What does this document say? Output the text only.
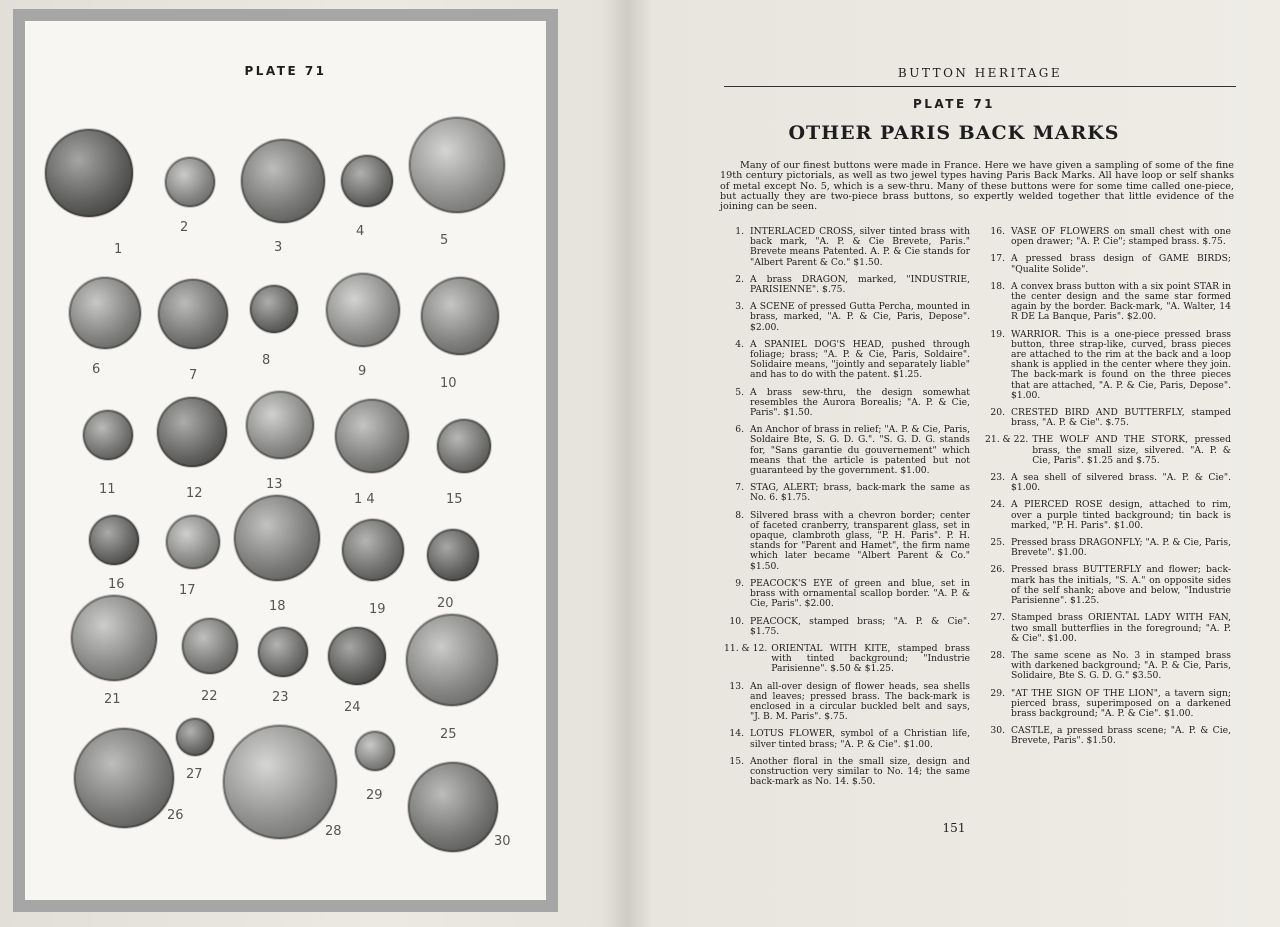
PLATE 71
1
2
3
4
5
6	7
8
9
10
11	12
13
1 4	15
16	17
18	19	20
21	22	23
24
25
26
27
28
29
30
BUTTON HERITAGE
PLATE 71
OTHER PARIS BACK MARKS
Many of our finest buttons were made in France. Here we have given a sampling of some of the fine 19th century pictorials, as well as two jewel types having Paris Back Marks. All have loop or self shanks of metal except No. 5, which is a sew-thru. Many of these buttons were for some time called one-piece, but actually they are two-piece brass buttons, so expertly welded together that little evidence of the joining can be seen.
1. INTERLACED CROSS, silver tinted brass with back mark, "A. P. & Cie Brevete, Paris." Brevete means Patented. A. P. & Cie stands for "Albert Parent & Co." $1.50.
2. A brass DRAGON, marked, "INDUSTRIE, PARISIENNE". $.75.
3. A SCENE of pressed Gutta Percha, mounted in brass, marked, "A. P. & Cie, Paris, Depose". $2.00.
4. A SPANIEL DOG'S HEAD, pushed through foliage; brass; "A. P. & Cie, Paris, Soldaire". Solidaire means, "jointly and separately liable" and has to do with the patent. $1.25.
5. A brass sew-thru, the design somewhat resembles the Aurora Borealis; "A. P. & Cie, Paris". $1.50.
6. An Anchor of brass in relief; "A. P. & Cie, Paris, Soldaire Bte, S. G. D. G.". "S. G. D. G. stands for, "Sans garantie du gouvernement" which means that the article is patented but not guaranteed by the government. $1.00.
7. STAG, ALERT; brass, back-mark the same as No. 6. $1.75.
8. Silvered brass with a chevron border; center of faceted cranberry, transparent glass, set in opaque, clambroth glass, "P. H. Paris". P. H. stands for "Parent and Hamet", the firm name which later became "Albert Parent & Co." $1.50.
9. PEACOCK'S EYE of green and blue, set in brass with ornamental scallop border. "A. P. & Cie, Paris". $2.00.
10. PEACOCK, stamped brass; "A. P. & Cie". $1.75.
11. & 12. ORIENTAL WITH KITE, stamped brass with tinted background; "Industrie Parisienne". $.50 & $1.25.
13. An all-over design of flower heads, sea shells and leaves; pressed brass. The back-mark is enclosed in a circular buckled belt and says, "J. B. M. Paris". $.75.
14. LOTUS FLOWER, symbol of a Christian life, silver tinted brass; "A. P. & Cie". $1.00.
15. Another floral in the small size, design and construction very similar to No. 14; the same back-mark as No. 14. $.50.
16. VASE OF FLOWERS on small chest with one open drawer; "A. P. Cie"; stamped brass. $.75.
17. A pressed brass design of GAME BIRDS; "Qualite Solide".
18. A convex brass button with a six point STAR in the center design and the same star formed again by the border. Back-mark, "A. Walter, 14 R DE La Banque, Paris". $2.00.
19. WARRIOR. This is a one-piece pressed brass button, three strap-like, curved, brass pieces are attached to the rim at the back and a loop shank is applied in the center where they join. The back-mark is found on the three pieces that are attached, "A. P. & Cie, Paris, Depose". $1.00.
20. CRESTED BIRD AND BUTTERFLY, stamped brass, "A. P. & Cie". $.75.
21. & 22. THE WOLF AND THE STORK, pressed brass, the small size, silvered. "A. P. & Cie, Paris". $1.25 and $.75.
23. A sea shell of silvered brass. "A. P. & Cie". $1.00.
24. A PIERCED ROSE design, attached to rim, over a purple tinted background; tin back is marked, "P. H. Paris". $1.00.
25. Pressed brass DRAGONFLY; "A. P. & Cie, Paris, Brevete". $1.00.
26. Pressed brass BUTTERFLY and flower; back-mark has the initials, "S. A." on opposite sides of the self shank; above and below, "Industrie Parisienne". $1.25.
27. Stamped brass ORIENTAL LADY WITH FAN, two small butterflies in the foreground; "A. P. & Cie". $1.00.
28. The same scene as No. 3 in stamped brass with darkened background; "A. P. & Cie, Paris, Solidaire, Bte S. G. D. G." $3.50.
29. "AT THE SIGN OF THE LION", a tavern sign; pierced brass, superimposed on a darkened brass background; "A. P. & Cie". $1.00.
30. CASTLE, a pressed brass scene; "A. P. & Cie, Brevete, Paris". $1.50.
151
